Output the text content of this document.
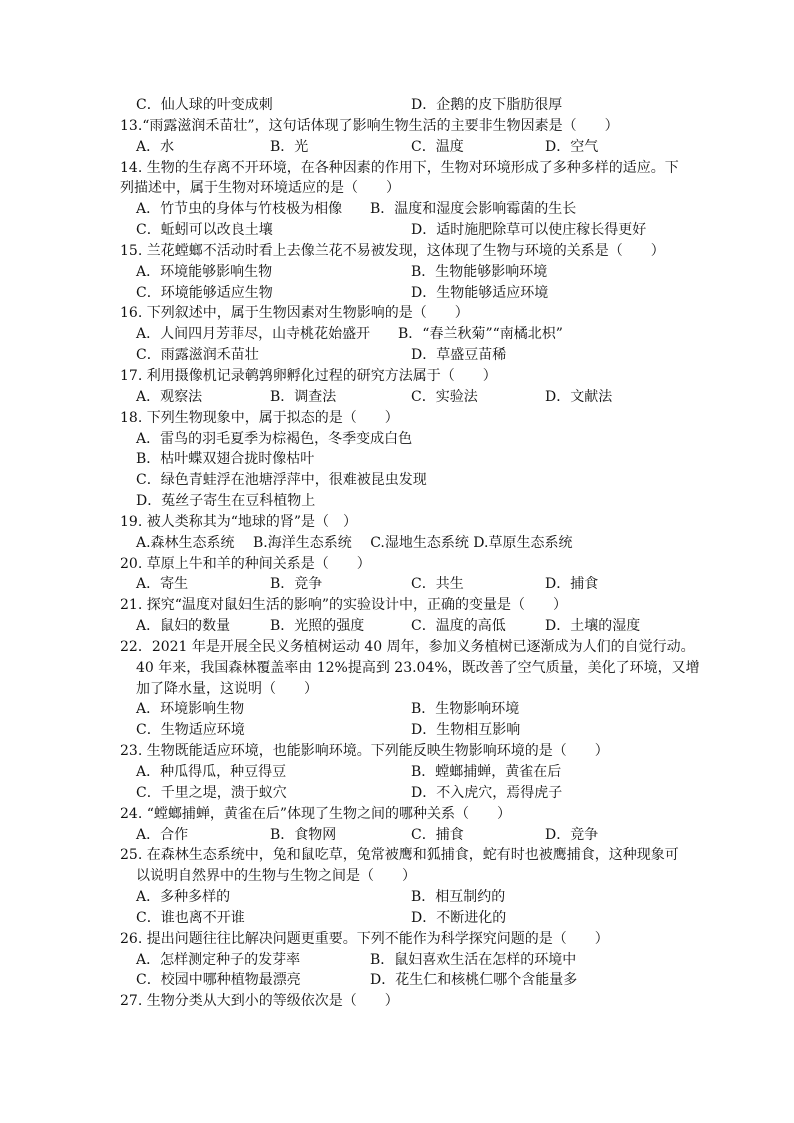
C．仙人球的叶变成刺	D．企鹅的皮下脂肪很厚
13.“雨露滋润禾苗壮”，这句话体现了影响生物生活的主要非生物因素是（　　）
A．水	B．光	C．温度	D．空气
14. 生物的生存离不开环境，在各种因素的作用下，生物对环境形成了多种多样的适应。下
列描述中，属于生物对环境适应的是（　　）
A．竹节虫的身体与竹枝极为相像 B．温度和湿度会影响霉菌的生长
C．蚯蚓可以改良土壤	D．适时施肥除草可以使庄稼长得更好
15. 兰花螳螂不活动时看上去像兰花不易被发现，这体现了生物与环境的关系是（　　）
A．环境能够影响生物	B．生物能够影响环境
C．环境能够适应生物	D．生物能够适应环境
16. 下列叙述中，属于生物因素对生物影响的是（　　）
A．人间四月芳菲尽，山寺桃花始盛开 B．“春兰秋菊”“南橘北枳”
C．雨露滋润禾苗壮	D．草盛豆苗稀
17. 利用摄像机记录鹌鹑卵孵化过程的研究方法属于（　　）
A．观察法	B．调查法	C．实验法	D．文献法
18. 下列生物现象中，属于拟态的是（　　）
A．雷鸟的羽毛夏季为棕褐色，冬季变成白色
B．枯叶蝶双翅合拢时像枯叶
C．绿色青蛙浮在池塘浮萍中，很难被昆虫发现
D．菟丝子寄生在豆科植物上
19. 被人类称其为“地球的肾”是（　）
A.森林生态系统　 B.海洋生态系统　 C.湿地生态系统 D.草原生态系统
20. 草原上牛和羊的种间关系是（　　）
A．寄生	B．竞争	C．共生	D．捕食
21. 探究“温度对鼠妇生活的影响”的实验设计中，正确的变量是（　　）
A．鼠妇的数量	B．光照的强度	C．温度的高低	D．土壤的湿度
22．2021 年是开展全民义务植树运动 40 周年，参加义务植树已逐渐成为人们的自觉行动。
40 年来，我国森林覆盖率由 12%提高到 23.04%，既改善了空气质量，美化了环境，又增
加了降水量，这说明（　　）
A．环境影响生物	B．生物影响环境
C．生物适应环境	D．生物相互影响
23. 生物既能适应环境，也能影响环境。下列能反映生物影响环境的是（　　）
A．种瓜得瓜，种豆得豆	B．螳螂捕蝉，黄雀在后
C．千里之堤，溃于蚁穴	D．不入虎穴，焉得虎子
24. “螳螂捕蝉，黄雀在后”体现了生物之间的哪种关系（　　）
A．合作	B．食物网	C．捕食	D．竞争
25. 在森林生态系统中，兔和鼠吃草，兔常被鹰和狐捕食，蛇有时也被鹰捕食，这种现象可
以说明自然界中的生物与生物之间是（　　）
A．多种多样的	B．相互制约的
C．谁也离不开谁	D．不断进化的
26. 提出问题往往比解决问题更重要。下列不能作为科学探究问题的是（　　）
A．怎样测定种子的发芽率	B．鼠妇喜欢生活在怎样的环境中
C．校园中哪种植物最漂亮	D．花生仁和核桃仁哪个含能量多
27. 生物分类从大到小的等级依次是（　　）
